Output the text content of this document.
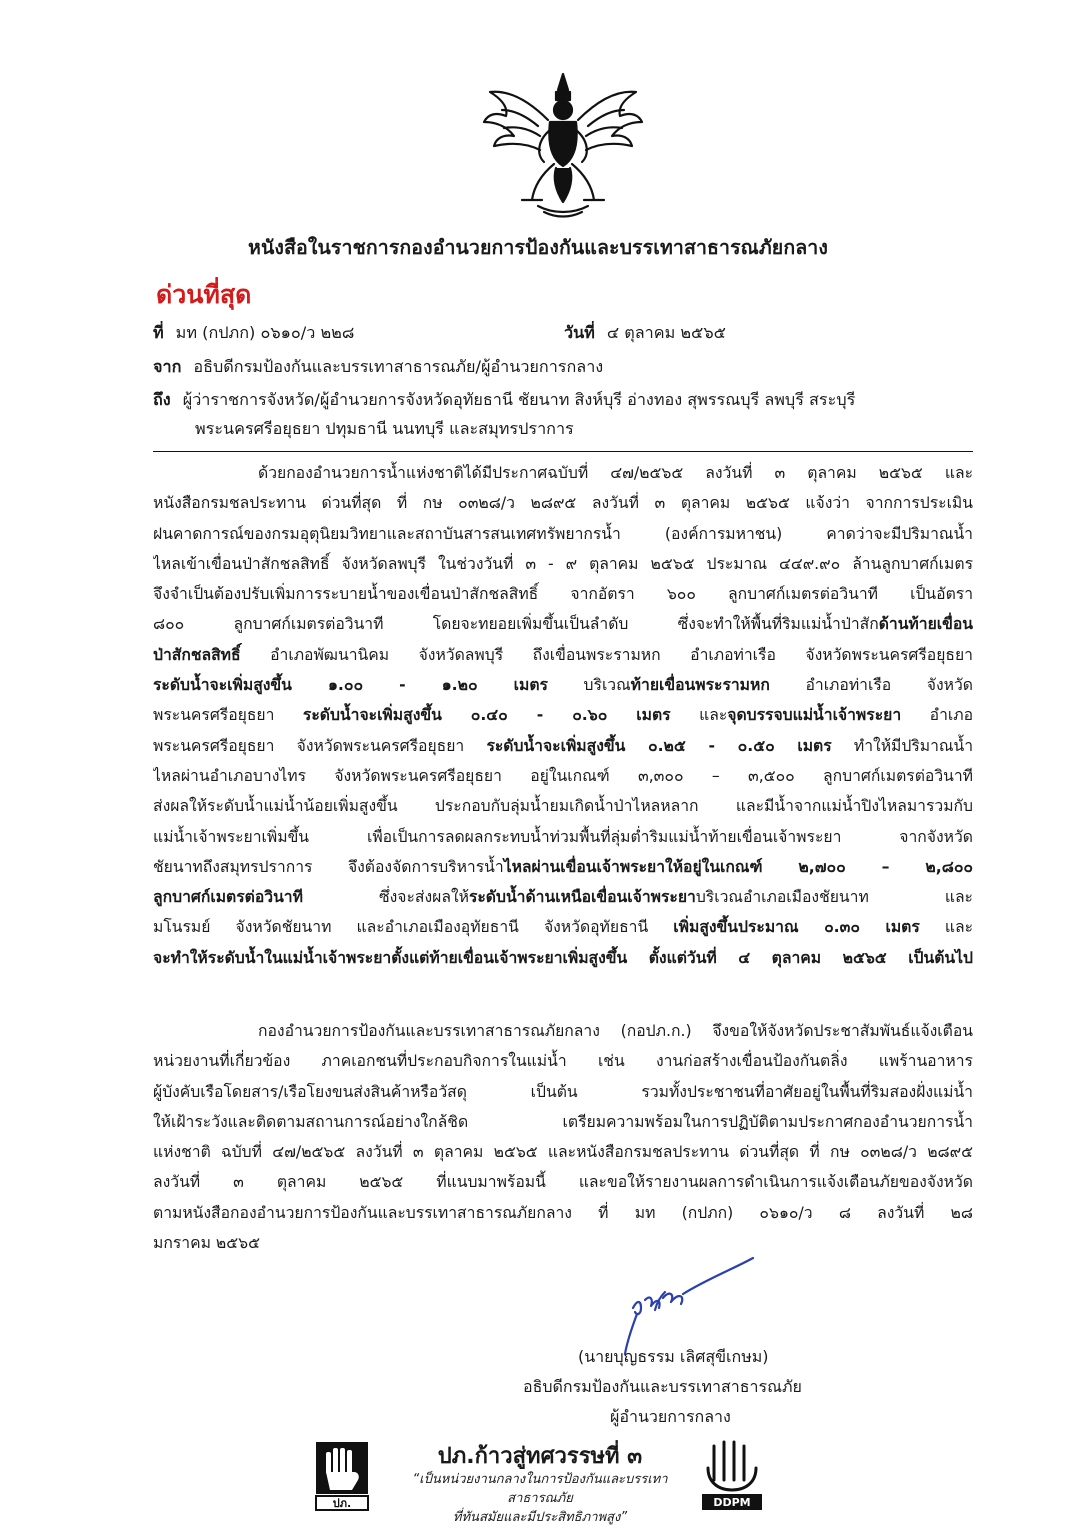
หนังสือในราชการกองอำนวยการป้องกันและบรรเทาสาธารณภัยกลาง
ด่วนที่สุด
ที่ มท (กปภก) ๐๖๑๐/ว ๒๒๘	วันที่ ๔ ตุลาคม ๒๕๖๕
จาก อธิบดีกรมป้องกันและบรรเทาสาธารณภัย/ผู้อำนวยการกลาง
ถึง ผู้ว่าราชการจังหวัด/ผู้อำนวยการจังหวัดอุทัยธานี ชัยนาท สิงห์บุรี อ่างทอง สุพรรณบุรี ลพบุรี สระบุรี
พระนครศรีอยุธยา ปทุมธานี นนทบุรี และสมุทรปราการ
ด้วยกองอำนวยการน้ำแห่งชาติได้มีประกาศฉบับที่ ๔๗/๒๕๖๕ ลงวันที่ ๓ ตุลาคม ๒๕๖๕ และ
หนังสือกรมชลประทาน ด่วนที่สุด ที่ กษ ๐๓๒๘/ว ๒๘๙๕ ลงวันที่ ๓ ตุลาคม ๒๕๖๕ แจ้งว่า จากการประเมิน
ฝนคาดการณ์ของกรมอุตุนิยมวิทยาและสถาบันสารสนเทศทรัพยากรน้ำ (องค์การมหาชน) คาดว่าจะมีปริมาณน้ำ
ไหลเข้าเขื่อนป่าสักชลสิทธิ์ จังหวัดลพบุรี ในช่วงวันที่ ๓ - ๙ ตุลาคม ๒๕๖๕ ประมาณ ๔๔๙.๙๐ ล้านลูกบาศก์เมตร
จึงจำเป็นต้องปรับเพิ่มการระบายน้ำของเขื่อนป่าสักชลสิทธิ์ จากอัตรา ๖๐๐ ลูกบาศก์เมตรต่อวินาที เป็นอัตรา
๘๐๐ ลูกบาศก์เมตรต่อวินาที โดยจะทยอยเพิ่มขึ้นเป็นลำดับ ซึ่งจะทำให้พื้นที่ริมแม่น้ำป่าสักด้านท้ายเขื่อน
ป่าสักชลสิทธิ์ อำเภอพัฒนานิคม จังหวัดลพบุรี ถึงเขื่อนพระรามหก อำเภอท่าเรือ จังหวัดพระนครศรีอยุธยา
ระดับน้ำจะเพิ่มสูงขึ้น ๑.๐๐ - ๑.๒๐ เมตร บริเวณท้ายเขื่อนพระรามหก อำเภอท่าเรือ จังหวัด
พระนครศรีอยุธยา ระดับน้ำจะเพิ่มสูงขึ้น ๐.๔๐ - ๐.๖๐ เมตร และจุดบรรจบแม่น้ำเจ้าพระยา อำเภอ
พระนครศรีอยุธยา จังหวัดพระนครศรีอยุธยา ระดับน้ำจะเพิ่มสูงขึ้น ๐.๒๕ - ๐.๕๐ เมตร ทำให้มีปริมาณน้ำ
ไหลผ่านอำเภอบางไทร จังหวัดพระนครศรีอยุธยา อยู่ในเกณฑ์ ๓,๓๐๐ – ๓,๕๐๐ ลูกบาศก์เมตรต่อวินาที
ส่งผลให้ระดับน้ำแม่น้ำน้อยเพิ่มสูงขึ้น ประกอบกับลุ่มน้ำยมเกิดน้ำป่าไหลหลาก และมีน้ำจากแม่น้ำปิงไหลมารวมกับ
แม่น้ำเจ้าพระยาเพิ่มขึ้น เพื่อเป็นการลดผลกระทบน้ำท่วมพื้นที่ลุ่มต่ำริมแม่น้ำท้ายเขื่อนเจ้าพระยา จากจังหวัด
ชัยนาทถึงสมุทรปราการ จึงต้องจัดการบริหารน้ำไหลผ่านเขื่อนเจ้าพระยาให้อยู่ในเกณฑ์ ๒,๗๐๐ – ๒,๘๐๐
ลูกบาศก์เมตรต่อวินาที ซึ่งจะส่งผลให้ระดับน้ำด้านเหนือเขื่อนเจ้าพระยาบริเวณอำเภอเมืองชัยนาท และ
มโนรมย์ จังหวัดชัยนาท และอำเภอเมืองอุทัยธานี จังหวัดอุทัยธานี เพิ่มสูงขึ้นประมาณ ๐.๓๐ เมตร และ
จะทำให้ระดับน้ำในแม่น้ำเจ้าพระยาตั้งแต่ท้ายเขื่อนเจ้าพระยาเพิ่มสูงขึ้น ตั้งแต่วันที่ ๔ ตุลาคม ๒๕๖๕ เป็นต้นไป
กองอำนวยการป้องกันและบรรเทาสาธารณภัยกลาง (กอปภ.ก.) จึงขอให้จังหวัดประชาสัมพันธ์แจ้งเตือน
หน่วยงานที่เกี่ยวข้อง ภาคเอกชนที่ประกอบกิจการในแม่น้ำ เช่น งานก่อสร้างเขื่อนป้องกันตลิ่ง แพร้านอาหาร
ผู้บังคับเรือโดยสาร/เรือโยงขนส่งสินค้าหรือวัสดุ เป็นต้น รวมทั้งประชาชนที่อาศัยอยู่ในพื้นที่ริมสองฝั่งแม่น้ำ
ให้เฝ้าระวังและติดตามสถานการณ์อย่างใกล้ชิด เตรียมความพร้อมในการปฏิบัติตามประกาศกองอำนวยการน้ำ
แห่งชาติ ฉบับที่ ๔๗/๒๕๖๕ ลงวันที่ ๓ ตุลาคม ๒๕๖๕ และหนังสือกรมชลประทาน ด่วนที่สุด ที่ กษ ๐๓๒๘/ว ๒๘๙๕
ลงวันที่ ๓ ตุลาคม ๒๕๖๕ ที่แนบมาพร้อมนี้ และขอให้รายงานผลการดำเนินการแจ้งเตือนภัยของจังหวัด
ตามหนังสือกองอำนวยการป้องกันและบรรเทาสาธารณภัยกลาง ที่ มท (กปภก) ๐๖๑๐/ว ๘ ลงวันที่ ๒๘
มกราคม ๒๕๖๕
(นายบุญธรรม เลิศสุขีเกษม)
อธิบดีกรมป้องกันและบรรเทาสาธารณภัย
ผู้อำนวยการกลาง
ปภ.
ปภ.ก้าวสู่ทศวรรษที่ ๓
“เป็นหน่วยงานกลางในการป้องกันและบรรเทาสาธารณภัย
ที่ทันสมัยและมีประสิทธิภาพสูง”
DDPM
